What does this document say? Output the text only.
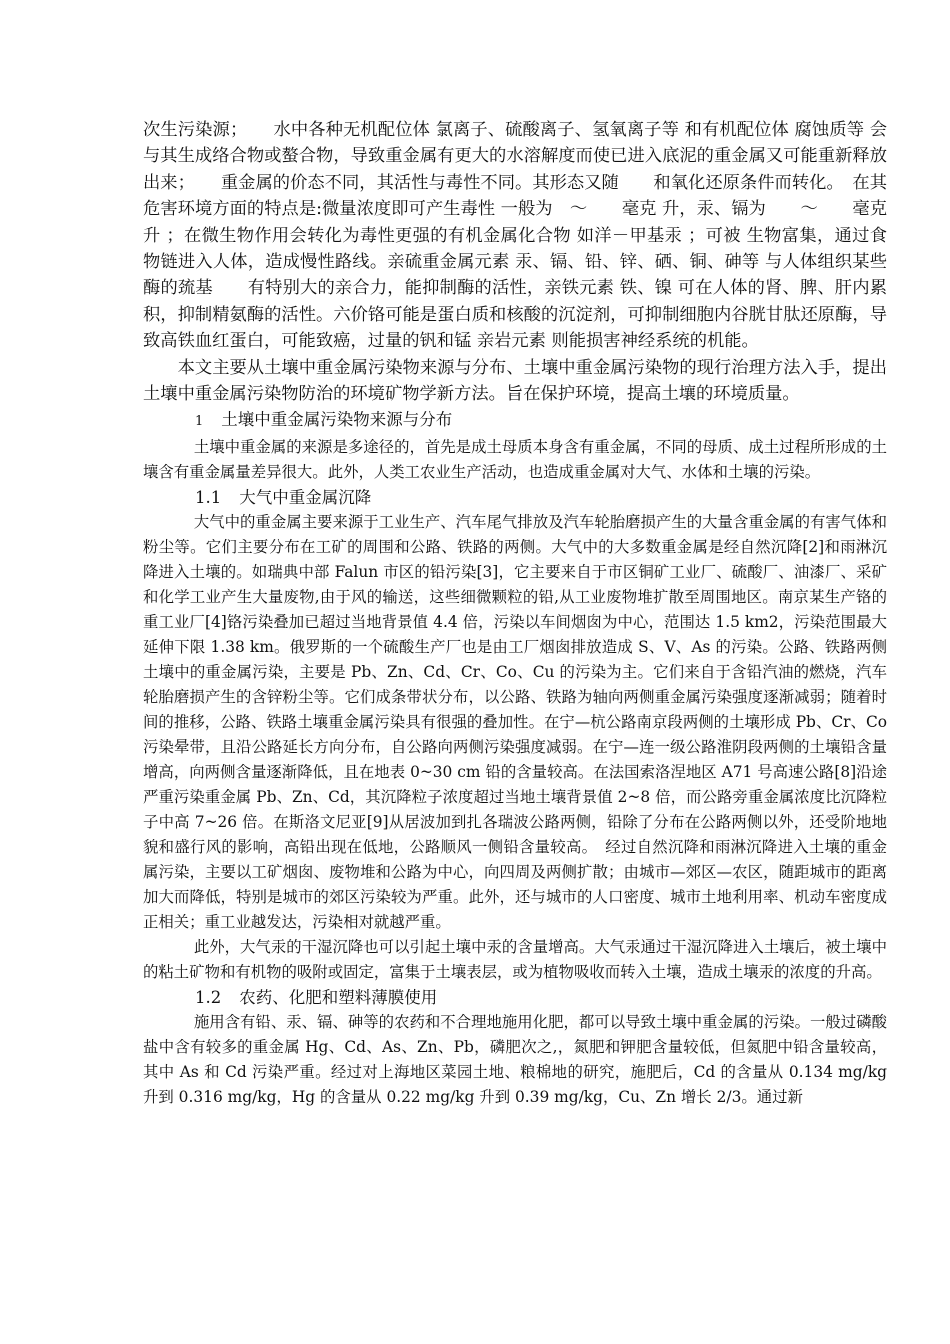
次生污染源；　　水中各种无机配位体 氯离子、硫酸离子、氢氧离子等 和有机配位体 腐蚀质等 会与其生成络合物或螯合物，导致重金属有更大的水溶解度而使已进入底泥的重金属又可能重新释放出来；　　重金属的价态不同，其活性与毒性不同。其形态又随　　和氧化还原条件而转化。　在其危害环境方面的特点是:微量浓度即可产生毒性 一般为　～　　毫克 升，汞、镉为　　～　　毫克 升 ；在微生物作用会转化为毒性更强的有机金属化合物 如洋－甲基汞 ；可被 生物富集，通过食物链进入人体，造成慢性路线。亲硫重金属元素 汞、镉、铅、锌、硒、铜、砷等 与人体组织某些酶的巯基　　有特别大的亲合力，能抑制酶的活性，亲铁元素 铁、镍 可在人体的肾、脾、肝内累积，抑制精氨酶的活性。六价铬可能是蛋白质和核酸的沉淀剂，可抑制细胞内谷胱甘肽还原酶，导致高铁血红蛋白，可能致癌，过量的钒和锰 亲岩元素 则能损害神经系统的机能。

本文主要从土壤中重金属污染物来源与分布、土壤中重金属污染物的现行治理方法入手，提出土壤中重金属污染物防治的环境矿物学新方法。旨在保护环境，提高土壤的环境质量。

1 土壤中重金属污染物来源与分布

土壤中重金属的来源是多途径的，首先是成土母质本身含有重金属，不同的母质、成土过程所形成的土壤含有重金属量差异很大。此外，人类工农业生产活动，也造成重金属对大气、水体和土壤的污染。

1.1 大气中重金属沉降

大气中的重金属主要来源于工业生产、汽车尾气排放及汽车轮胎磨损产生的大量含重金属的有害气体和粉尘等。它们主要分布在工矿的周围和公路、铁路的两侧。大气中的大多数重金属是经自然沉降[2]和雨淋沉降进入土壤的。如瑞典中部 Falun 市区的铅污染[3]，它主要来自于市区铜矿工业厂、硫酸厂、油漆厂、采矿和化学工业产生大量废物,由于风的输送，这些细微颗粒的铅,从工业废物堆扩散至周围地区。南京某生产铬的重工业厂[4]铬污染叠加已超过当地背景值 4.4 倍，污染以车间烟囱为中心，范围达 1.5 km2，污染范围最大延伸下限 1.38 km。俄罗斯的一个硫酸生产厂也是由工厂烟囱排放造成 S、V、As 的污染。公路、铁路两侧土壤中的重金属污染，主要是 Pb、Zn、Cd、Cr、Co、Cu 的污染为主。它们来自于含铅汽油的燃烧，汽车轮胎磨损产生的含锌粉尘等。它们成条带状分布，以公路、铁路为轴向两侧重金属污染强度逐渐减弱；随着时间的推移，公路、铁路土壤重金属污染具有很强的叠加性。在宁—杭公路南京段两侧的土壤形成 Pb、Cr、Co 污染晕带，且沿公路延长方向分布，自公路向两侧污染强度减弱。在宁—连一级公路淮阴段两侧的土壤铅含量增高，向两侧含量逐渐降低，且在地表 0~30 cm 铅的含量较高。在法国索洛涅地区 A71 号高速公路[8]沿途严重污染重金属 Pb、Zn、Cd，其沉降粒子浓度超过当地土壤背景值 2~8 倍，而公路旁重金属浓度比沉降粒子中高 7~26 倍。在斯洛文尼亚[9]从居波加到扎各瑞波公路两侧，铅除了分布在公路两侧以外，还受阶地地貌和盛行风的影响，高铅出现在低地，公路顺风一侧铅含量较高。　经过自然沉降和雨淋沉降进入土壤的重金属污染，主要以工矿烟囱、废物堆和公路为中心，向四周及两侧扩散；由城市—郊区—农区，随距城市的距离加大而降低，特别是城市的郊区污染较为严重。此外，还与城市的人口密度、城市土地利用率、机动车密度成正相关；重工业越发达，污染相对就越严重。

此外，大气汞的干湿沉降也可以引起土壤中汞的含量增高。大气汞通过干湿沉降进入土壤后，被土壤中的粘土矿物和有机物的吸附或固定，富集于土壤表层，或为植物吸收而转入土壤，造成土壤汞的浓度的升高。

1.2 农药、化肥和塑料薄膜使用

施用含有铅、汞、镉、砷等的农药和不合理地施用化肥，都可以导致土壤中重金属的污染。一般过磷酸盐中含有较多的重金属 Hg、Cd、As、Zn、Pb，磷肥次之,，氮肥和钾肥含量较低，但氮肥中铅含量较高，其中 As 和 Cd 污染严重。经过对上海地区菜园土地、粮棉地的研究，施肥后，Cd 的含量从 0.134 mg/kg 升到 0.316 mg/kg，Hg 的含量从 0.22 mg/kg 升到 0.39 mg/kg，Cu、Zn 增长 2/3。通过新
